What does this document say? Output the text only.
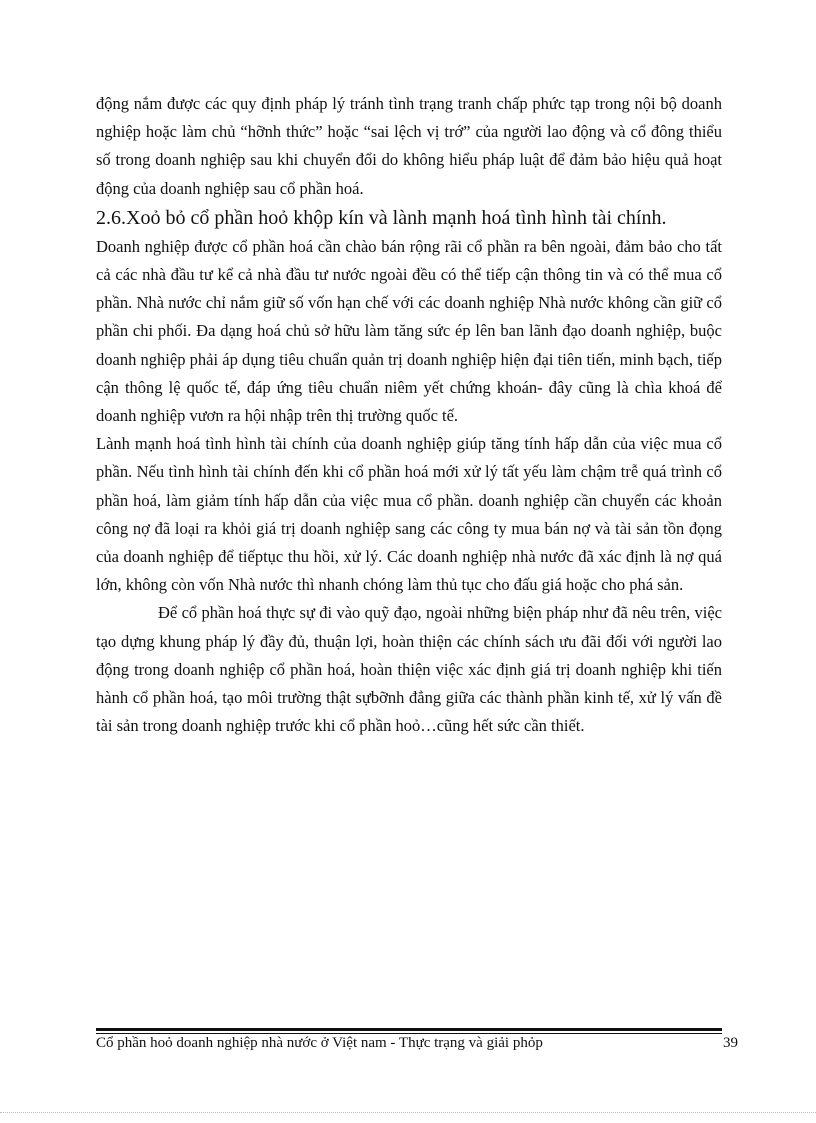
động nắm được các quy định pháp lý tránh tình trạng tranh chấp phức tạp trong nội bộ doanh nghiệp hoặc làm chủ “hỡnh thức” hoặc “sai lệch vị trớ” của người lao động và cổ đông thiểu số trong doanh nghiệp sau khi chuyển đổi do không hiểu pháp luật để đảm bảo hiệu quả hoạt động của doanh nghiệp sau cổ phần hoá.

2.6.Xoỏ bỏ cổ phần hoỏ khộp kín và lành mạnh hoá tình hình tài chính.

Doanh nghiệp được cổ phần hoá cần chào bán rộng rãi cổ phần ra bên ngoài, đảm bảo cho tất cả các nhà đầu tư kể cả nhà đầu tư nước ngoài đều có thể tiếp cận thông tin và có thể mua cổ phần. Nhà nước chỉ nắm giữ số vốn hạn chế với các doanh nghiệp Nhà nước không cần giữ cổ phần chi phối. Đa dạng hoá chủ sở hữu làm tăng sức ép lên ban lãnh đạo doanh nghiệp, buộc doanh nghiệp phải áp dụng tiêu chuẩn quản trị doanh nghiệp hiện đại tiên tiến, minh bạch, tiếp cận thông lệ quốc tế, đáp ứng tiêu chuẩn niêm yết chứng khoán- đây cũng là chìa khoá để doanh nghiệp vươn ra hội nhập trên thị trường quốc tế.

Lành mạnh hoá tình hình tài chính của doanh nghiệp giúp tăng tính hấp dẫn của việc mua cổ phần. Nếu tình hình tài chính đến khi cổ phần hoá mới xử lý tất yếu làm chậm trễ quá trình cổ phần hoá, làm giảm tính hấp dẫn của việc mua cổ phần. doanh nghiệp cần chuyển các khoản công nợ đã loại ra khỏi giá trị doanh nghiệp sang các công ty mua bán nợ và tài sản tồn đọng của doanh nghiệp để tiếptục thu hồi, xử lý. Các doanh nghiệp nhà nước đã xác định là nợ quá lớn, không còn vốn Nhà nước thì nhanh chóng làm thủ tục cho đấu giá hoặc cho phá sản.

Để cổ phần hoá thực sự đi vào quỹ đạo, ngoài những biện pháp như đã nêu trên, việc tạo dựng khung pháp lý đầy đủ, thuận lợi, hoàn thiện các chính sách ưu đãi đối với người lao động trong doanh nghiệp cổ phần hoá, hoàn thiện việc xác định giá trị doanh nghiệp khi tiến hành cổ phần hoá, tạo môi trường thật sựbỡnh đẳng giữa các thành phần kinh tế, xử lý vấn đề tài sản trong doanh nghiệp trước khi cổ phần hoỏ…cũng hết sức cần thiết.

Cổ phần hoỏ doanh nghiệp nhà nước ở Việt nam - Thực trạng và giải phỏp	39
